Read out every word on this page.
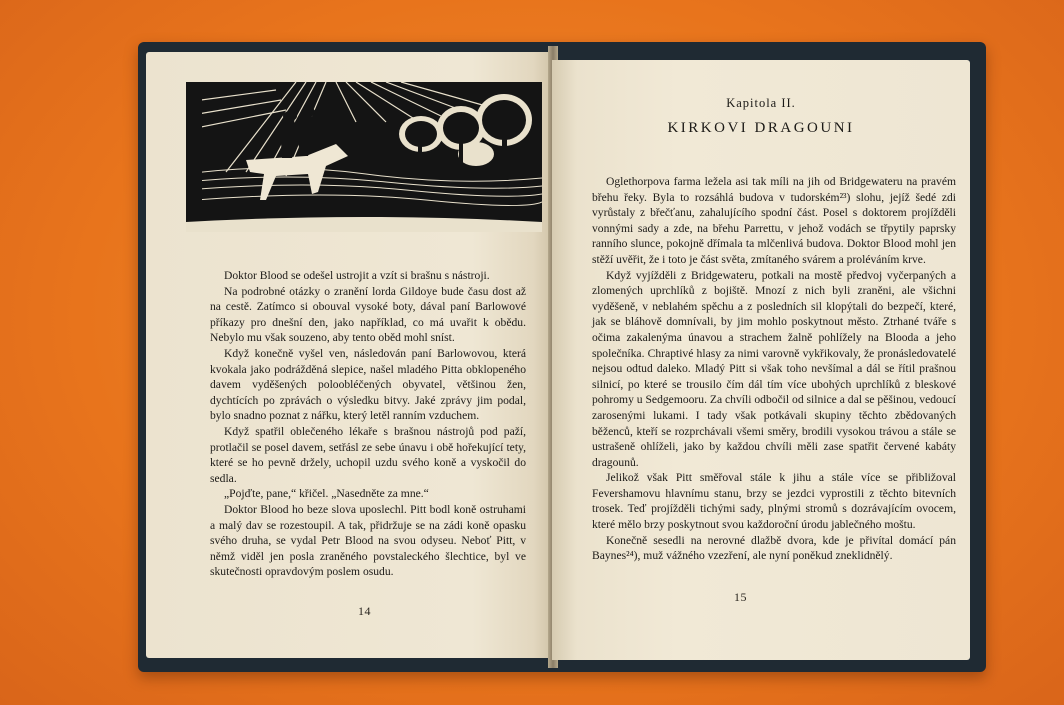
Doktor Blood se odešel ustrojit a vzít si brašnu s nástroji.

Na podrobné otázky o zranění lorda Gildoye bude času dost až na cestě. Zatímco si obouval vysoké boty, dával paní Barlowové příkazy pro dnešní den, jako například, co má uvařit k obědu. Nebylo mu však souzeno, aby tento oběd mohl sníst.

Když konečně vyšel ven, následován paní Barlowovou, která kvokala jako podrážděná slepice, našel mladého Pitta obklopeného davem vyděšených poloobléčených obyvatel, většinou žen, dychtících po zprávách o výsledku bitvy. Jaké zprávy jim podal, bylo snadno poznat z nářku, který letěl ranním vzduchem.

Když spatřil oblečeného lékaře s brašnou nástrojů pod paží, protlačil se posel davem, setřásl ze sebe únavu i obě hořekující tety, které se ho pevně držely, uchopil uzdu svého koně a vyskočil do sedla.

„Pojďte, pane,“ křičel. „Nasedněte za mne.“

Doktor Blood ho beze slova uposlechl. Pitt bodl koně ostruhami a malý dav se rozestoupil. A tak, přidržuje se na zádi koně opasku svého druha, se vydal Petr Blood na svou odyseu. Neboť Pitt, v němž viděl jen posla zraněného povstaleckého šlechtice, byl ve skutečnosti opravdovým poslem osudu.

14
Kapitola II.
KIRKOVI DRAGOUNI

Oglethorpova farma ležela asi tak míli na jih od Bridgewateru na pravém břehu řeky. Byla to rozsáhlá budova v tudorském²³) slohu, jejíž šedé zdi vyrůstaly z břečťanu, zahalujícího spodní část. Posel s doktorem projížděli vonnými sady a zde, na břehu Parrettu, v jehož vodách se třpytily paprsky ranního slunce, pokojně dřímala ta mlčenlivá budova. Doktor Blood mohl jen stěží uvěřit, že i toto je část světa, zmítaného svárem a proléváním krve.

Když vyjížděli z Bridgewateru, potkali na mostě předvoj vyčerpaných a zlomených uprchlíků z bojiště. Mnozí z nich byli zraněni, ale všichni vyděšeně, v neblahém spěchu a z posledních sil klopýtali do bezpečí, které, jak se bláhově domnívali, by jim mohlo poskytnout město. Ztrhané tváře s očima zakalenýma únavou a strachem žalně pohlížely na Blooda a jeho společníka. Chraptivé hlasy za nimi varovně vykřikovaly, že pronásledovatelé nejsou odtud daleko. Mladý Pitt si však toho nevšímal a dál se řítil prašnou silnicí, po které se trousilo čím dál tím více ubohých uprchlíků z bleskové pohromy u Sedgemooru. Za chvíli odbočil od silnice a dal se pěšinou, vedoucí zarosenými lukami. I tady však potkávali skupiny těchto zbědovaných běženců, kteří se rozprchávali všemi směry, brodili vysokou trávou a stále se ustrašeně ohlíželi, jako by každou chvíli měli zase spatřit červené kabáty dragounů.

Jelikož však Pitt směřoval stále k jihu a stále více se přibližoval Fevershamovu hlavnímu stanu, brzy se jezdci vyprostili z těchto bitevních trosek. Teď projížděli tichými sady, plnými stromů s dozrávajícím ovocem, které mělo brzy poskytnout svou každoroční úrodu jablečného moštu.

Konečně sesedli na nerovné dlažbě dvora, kde je přivítal domácí pán Baynes²⁴), muž vážného vzezření, ale nyní poněkud zneklidnělý.

15
